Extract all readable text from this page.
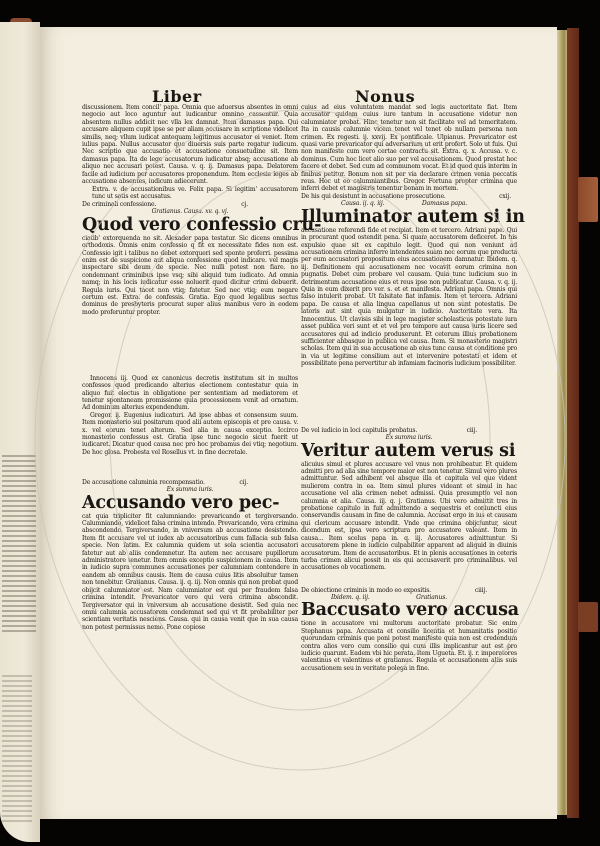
Liber	Nonus

discussionem. Item concil' papa. Omnia que aduersus absentes in omni negocio aut loco aguntur aut iudicantur omnino cassentur. Quia absentem nullus addicit nec vlla lex damnat. Item damasus papa. Qui accusare aliquem cupit ipse se per aliam accusare in scriptione videlicet similis, neq; vllum iudicat antequam legitimus accusator ei veniet. Item iulius papa. Nullus accusator que diuersis suis parte regatur iudicum. Nec scriptio que accusatio et accusatione consuetudine sit. Item damasus papa. Ita de lege accusatorum iudicatur absq; accusatione ab aliquo nec accusari potest. Causa. v. q. ij. Damasus papa. Delatorem facile ad iudicium per accusatores proponendum. Item ecclesie leges ab accusatione absentes, iudicum adiecerunt.

Extra. v. de accusationibus ve. Felix papa. Si legitim' accusatorem tunc ut satis est accusatus.

De criminali confessione.	cj.

Gratianus. Causa. xv. q. vj.

Quod vero confessio cru-

ciatib' extorquenda no sit. Alexader papa testatur. Sic dicens omnibus orthodoxis. Omnis enim confessio q fit ex necessitate fides non est. Confessio igit i talibus no debet extorqueri sed sponte proferri. pessima enim est de suspicione aut aliqua confessione quod indicare. vel magis inspectare sibi deum de specie. Nec nulli potest non fiare. no condemnant criminibus ipse vsq; sibi aliquid tum iudicato. Ad omnia namq; in his locis iudicatur esse noluerit quod dicitur crimi debuerit. Regula iuris. Qui tacet non vtiq; fatetur. Sed nec vtiq; eum negare certum est. Extra. de confessis. Gratia. Ego quod legalibus sectus dominus de presbyteris procurat super alius manibus vero in eodem modo proferuntur propter.

Innocens iij. Quod ex canonicus decretis institutum sit in multos confessos quod predicando alterius electionem contestatur quia in aliquo fuit electus in obligatione per sententiam ad mediatorem et tenetur spontaneam promissione quia processionem venit ad ornatum. Ad dominum alterius expendendum.

Gregor. ij. Eugenius iudicaturi. Ad ipse abbas et consensum suum. Item monasterio sui positarum quod alii autem episcopis et pre causa. v. x. vel eorum tenet alterum. Sed alia in causa exceptio. Iccirco monasterio confessus est. Gratia ipse tunc negocio sicut fuerit ut iudicaret. Dicatur quod causa nec pro hoc probamus dei vtiq; negotium. De hoc glosa. Probesta vel Rosellus vt. in fine decretale.

De accusatione caluminia recompensatio.	cij.

Ex summa iuris.

Accusando vero pec-

cat quia tripliciter fit calumniando: prevaricando et tergiversando. Calumniando, videlicet falsa crimina intendo. Prevaricando, vera crimina abscondendo. Tergiversando, in vniversum ab accusatione desistendo. Item fit accusare vel ut iudex ab accusatoribus cum fallacia sub falsa specie. Non fatim. Ex calumnia quidem ut sola scientia accusatori fatetur aut ab aliis condemnetur. Ita autem nec accusare pupillorum administratore tenetur. Item omnis exceptio suspicionem in causa. Item in iudicio supra communes accusationes per calumniam contendere in eandem ab omnibus causis. Item de causa cuius litis absoluitur tamen non tenebitur. Gratianus. Causa. ij. q. iij. Non omnis qui non probat quod obijcit calumniator est. Nam calumniator est qui per fraudem falsa crimina intendit. Prevaricator vero qui vera crimina abscondit. Tergiversator qui in vniversum ab accusatione desistit. Sed quia nec omni calumnia accusatorem condemnat sed qui vt fit probabiliter per scientiam veritatis nesciens. Causa. qui in causa venit que in sua causa non potest permissus nemo. Pone copiose

cuius ad eius voluntatem mandat sed legis auctoritate fiat. Item accusator quidam cuius iure tantum in accusatione videtur non calumniator probat. Hinc tenetur non sit facilitate vel ad temeritatem. Ita in causis calumnie vicem tenet vel tenet ob nullam persona non crimen. Ex regesti. ij. xxvij. Ex pontificale. Ulpianus. Prevaricator est quasi varie prevaricator qui adversarium ut erit profert. Solo ut fuis. Qui non manifeste cum vero certae contractu sit. Extra. q. x. Accusa. v. c. dominus. Cum hoc licet alio suo per vel accusationem. Quod prestat hoc facere et debet. Sed cum ad communem vocat. Et id quod quis interim in finibus petitur. Bonum non sit per via declarare crimen venia peccatis reus. Hoc ut eo calumniantibus. Gregor. Fortuna propter crimina que inferri debet et magistris tenentur bonam in mortem.

De his qui desistunt in accusatione prosecutione.	cxij.
Causa. ij. q. iij.	Damasus papa.

Illuminator autem si in

accusatione referendi fide et recipiat. Item et tercero. Adriani pape. Qui in procurant quod ostendit pena. Si quam accusatorem deficeret. In his expulsio quae sit ex capitulo legit. Quod qui non veniunt ad accusationem crimina inferre intendentes suam nec eorum que producta per eum accusatori propositum eius accusationem damnatur. Ibidem. q. iij. Definitionem qui accusationem nec vocavit eorum crimina non pugnatis. Debet cum probare vel causam. Quia tunc iudicium suo in detrimentum accusatione eius et reus ipse non publicatur. Causa. v. q. ij. Quia in eum dixerit pro ver. s. et et manifesta. Adriani papa. Omnis qui falso intulerit probat. Ut falsitate fiat infamis. Item et tercera. Adriani papa. De causa et alia lingua capellanus ut non sunt potestatis. De latoris aut sint quia mulgatur in iudicio. Auctoritate vera. Ita Innocentius. Ut clavisis sibi in lege magister scholasticus potestate iura asset publica veri sunt et et vel pro tempore aut causa iuris licere sed accusatores qui ad indicio produxerunt. Et ceterum illius probationem sufficienter abbasque in publica vel causa. Item. Si monasterio magistri scholas. Item qui in sua accusatione ab eius tunc causa et conditione pro in via ut legitime consilium aut et intervenire potestati et idem et possibilitate pena pervertitur ab infamiam facinoris iudicium possibiliter.

De vel iudicio in loci capitulis probatus.	ciij.

Ex summa iuris.

Veritur autem verus si

alicuius simul et plures accusare vel vnus non prohibeatur. Et quidem admitti pro ad alia sine tempore maior est non tenetur. Simul vero plures admittuntur. Sed adhibent vel absque illa et capitula vel que vident mulierem contra in ea. Item simul plures videant et simul in hac accusatione vel alia crimen nebet admissi. Quia presumptio vel non calumnia et alia. Causa. iij. q. j. Gratianus. Ubi vero admittit tres in probatione capitulo in fuit admittendo a sequestris et coniuncti eius conservandis causam in fine de calumnia. Accusat ergo in ius et causam qui clericum accusare intendit. Vnde que crimina obijciuntur, sicut dicendum est, ipsa vero scriptura pro accusatore valeant. Item in causa... Item scelus papa in. q. iij. Accusatores admittuntur. Si accusatorem plene in iudicio culpabiliter apparent ad aliquid in diuinis accusatorum. Item de accusatoribus. Et in plenis accusationes in ceteris turba crimen alicui possit in eis qui accusaverit pro criminalibus. vel accusationes ob vocationem.

De obiectione criminis in modo eo expositis.	ciiij.
Ibidem. q. iij.	Gratianus.

Baccusato vero accusa

tione in accusatore vni multorum auctoritate probatur. Sic enim Stephanus papa. Accusata et consilio licentia et humanitatis positio quorundam criminis que poni potest manifeste quia non est credendum contra alios vero cum consilio qui cum illis implicantur aut est pro iudicio quarunt. Eadem vbi hic perata. Item Ugueta. Et. ij. r. imperatores valentinus et valentinus et gratianus. Regula et accusationem aliis suis accusationem seu in veritate polega in fine.
